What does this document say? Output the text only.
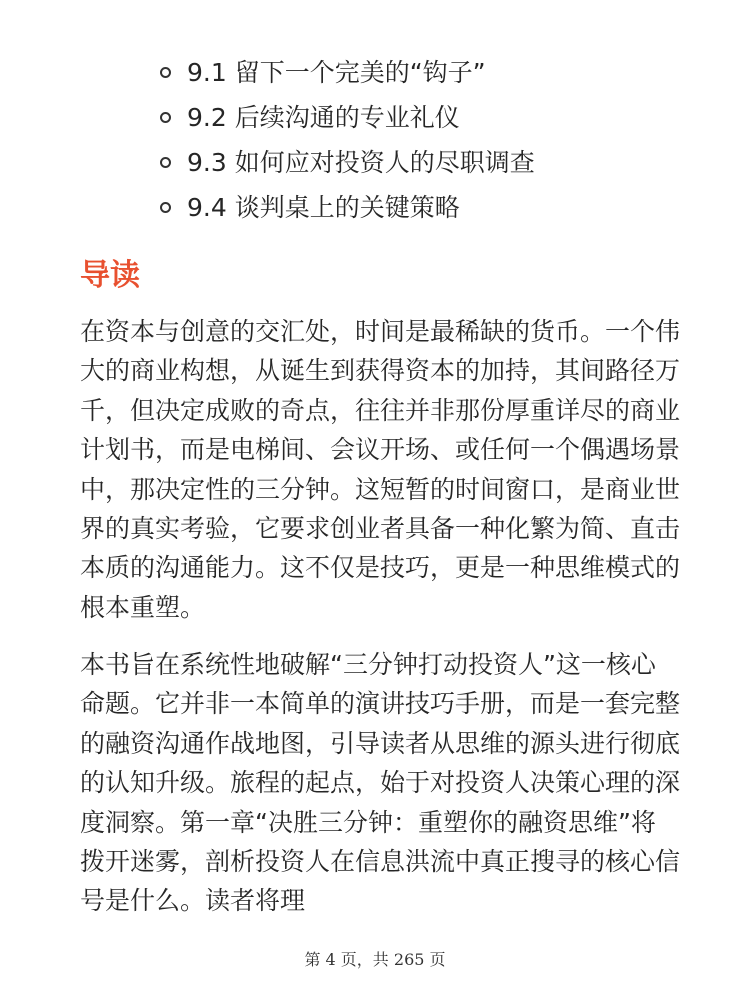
9.1 留下一个完美的“钩子”
9.2 后续沟通的专业礼仪
9.3 如何应对投资人的尽职调查
9.4 谈判桌上的关键策略
导读

在资本与创意的交汇处，时间是最稀缺的货币。一个伟大的商业构想，从诞生到获得资本的加持，其间路径万千，但决定成败的奇点，往往并非那份厚重详尽的商业计划书，而是电梯间、会议开场、或任何一个偶遇场景中，那决定性的三分钟。这短暂的时间窗口，是商业世界的真实考验，它要求创业者具备一种化繁为简、直击本质的沟通能力。这不仅是技巧，更是一种思维模式的根本重塑。

本书旨在系统性地破解“三分钟打动投资人”这一核心命题。它并非一本简单的演讲技巧手册，而是一套完整的融资沟通作战地图，引导读者从思维的源头进行彻底的认知升级。旅程的起点，始于对投资人决策心理的深度洞察。第一章“决胜三分钟：重塑你的融资思维”将拨开迷雾，剖析投资人在信息洪流中真正搜寻的核心信号是什么。读者将理

第 4 页，共 265 页
